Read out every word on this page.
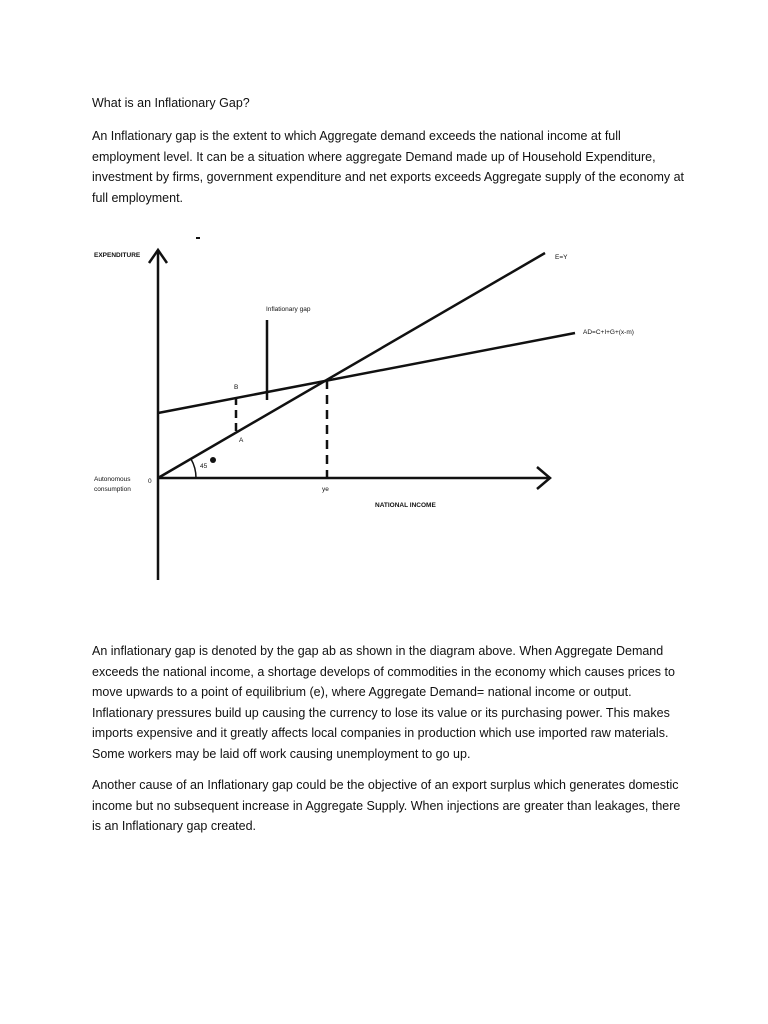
What is an Inflationary Gap?

An Inflationary gap is the extent to which Aggregate demand exceeds the national income at full employment level. It can be a situation where aggregate Demand made up of Household Expenditure, investment by firms, government expenditure and net exports exceeds Aggregate supply of the economy at full employment.

EXPENDITURE
NATIONAL INCOME
E=Y
AD=C+I+G+(x-m)
Inflationary gap
B
A
ye
45
0
Autonomous
consumption

An inflationary gap is denoted by the gap ab as shown in the diagram above. When Aggregate Demand exceeds the national income, a shortage develops of commodities in the economy which causes prices to move upwards to a point of equilibrium (e), where Aggregate Demand= national income or output. Inflationary pressures build up causing the currency to lose its value or its purchasing power. This makes imports expensive and it greatly affects local companies in production which use imported raw materials. Some workers may be laid off work causing unemployment to go up.

Another cause of an Inflationary gap could be the objective of an export surplus which generates domestic income but no subsequent increase in Aggregate Supply. When injections are greater than leakages, there is an Inflationary gap created.
